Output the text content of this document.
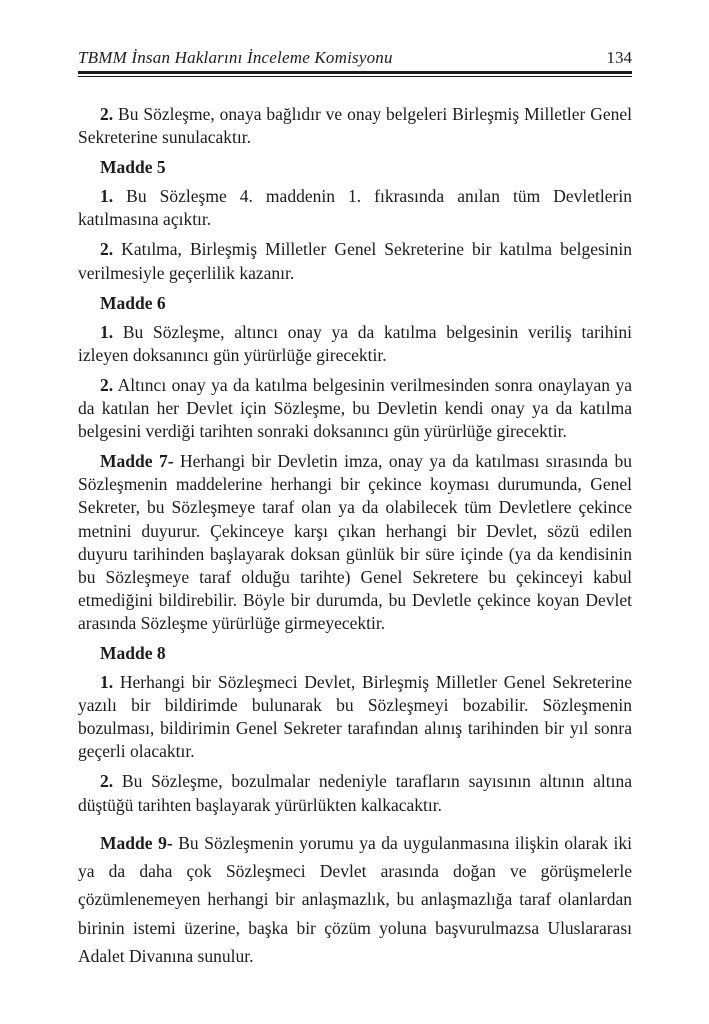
TBMM İnsan Haklarını İnceleme Komisyonu	134

2. Bu Sözleşme, onaya bağlıdır ve onay belgeleri Birleşmiş Milletler Genel Sekreterine sunulacaktır.

Madde 5

1. Bu Sözleşme 4. maddenin 1. fıkrasında anılan tüm Devletlerin katılmasına açıktır.

2. Katılma, Birleşmiş Milletler Genel Sekreterine bir katılma belgesinin verilmesiyle geçerlilik kazanır.

Madde 6

1. Bu Sözleşme, altıncı onay ya da katılma belgesinin veriliş tarihini izleyen doksanıncı gün yürürlüğe girecektir.

2. Altıncı onay ya da katılma belgesinin verilmesinden sonra onaylayan ya da katılan her Devlet için Sözleşme, bu Devletin kendi onay ya da katılma belgesini verdiği tarihten sonraki doksanıncı gün yürürlüğe girecektir.

Madde 7- Herhangi bir Devletin imza, onay ya da katılması sırasında bu Sözleşmenin maddelerine herhangi bir çekince koyması durumunda, Genel Sekreter, bu Sözleşmeye taraf olan ya da olabilecek tüm Devletlere çekince metnini duyurur. Çekinceye karşı çıkan herhangi bir Devlet, sözü edilen duyuru tarihinden başlayarak doksan günlük bir süre içinde (ya da kendisinin bu Sözleşmeye taraf olduğu tarihte) Genel Sekretere bu çekinceyi kabul etmediğini bildirebilir. Böyle bir durumda, bu Devletle çekince koyan Devlet arasında Sözleşme yürürlüğe girmeyecektir.

Madde 8

1. Herhangi bir Sözleşmeci Devlet, Birleşmiş Milletler Genel Sekreterine yazılı bir bildirimde bulunarak bu Sözleşmeyi bozabilir. Sözleşmenin bozulması, bildirimin Genel Sekreter tarafından alınış tarihinden bir yıl sonra geçerli olacaktır.

2. Bu Sözleşme, bozulmalar nedeniyle tarafların sayısının altının altına düştüğü tarihten başlayarak yürürlükten kalkacaktır.

Madde 9- Bu Sözleşmenin yorumu ya da uygulanmasına ilişkin olarak iki ya da daha çok Sözleşmeci Devlet arasında doğan ve görüşmelerle çözümlenemeyen herhangi bir anlaşmazlık, bu anlaşmazlığa taraf olanlardan birinin istemi üzerine, başka bir çözüm yoluna başvurulmazsa Uluslararası Adalet Divanına sunulur.
